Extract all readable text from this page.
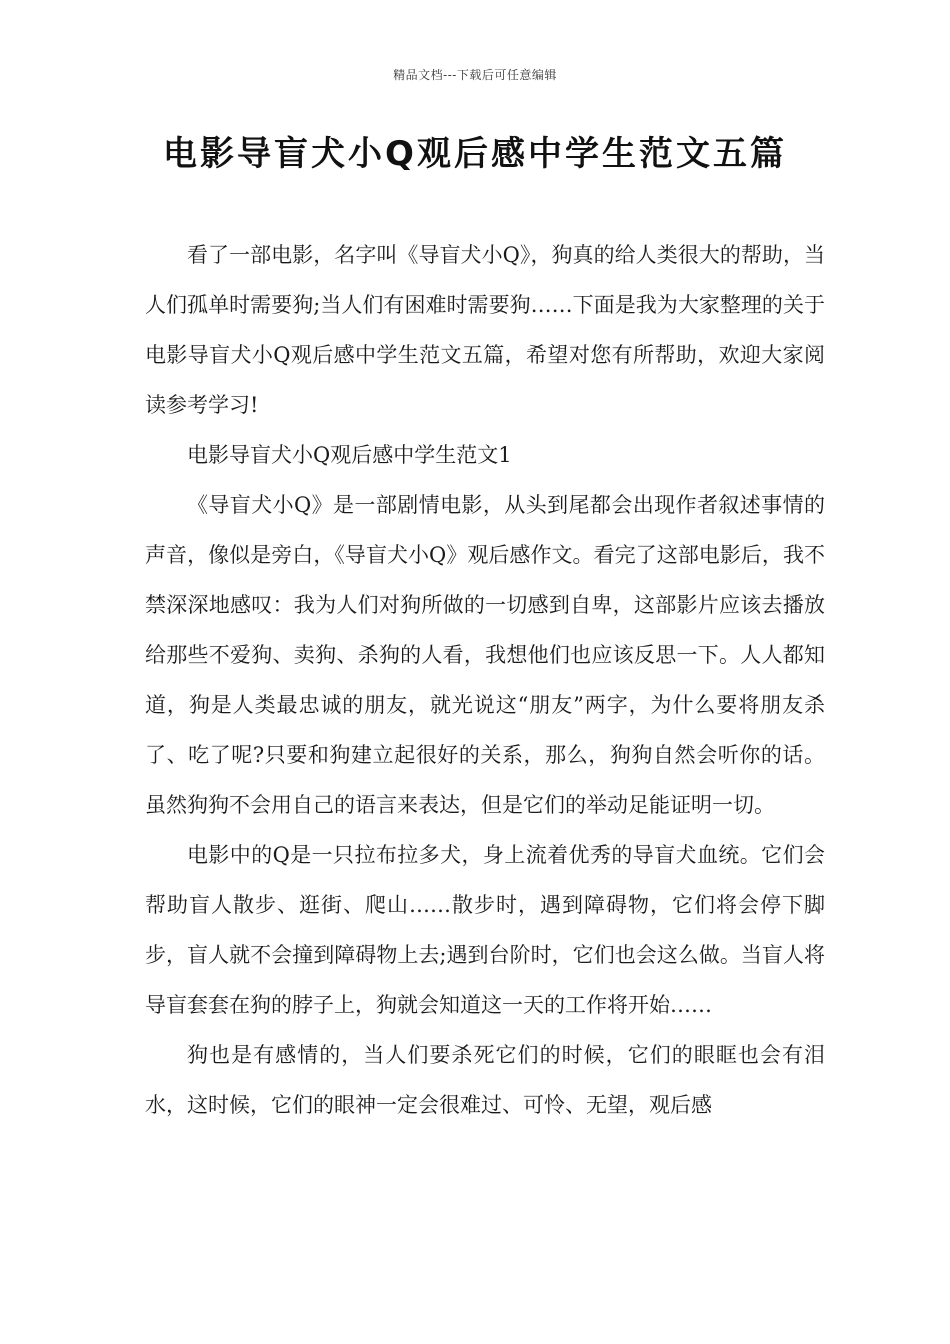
精品文档---下载后可任意编辑
电影导盲犬小Q观后感中学生范文五篇

看了一部电影，名字叫《导盲犬小Q》，狗真的给人类很大的帮助，当人们孤单时需要狗;当人们有困难时需要狗……下面是我为大家整理的关于电影导盲犬小Q观后感中学生范文五篇，希望对您有所帮助，欢迎大家阅读参考学习!

电影导盲犬小Q观后感中学生范文1

《导盲犬小Q》是一部剧情电影，从头到尾都会出现作者叙述事情的声音，像似是旁白，《导盲犬小Q》观后感作文。看完了这部电影后，我不禁深深地感叹：我为人们对狗所做的一切感到自卑，这部影片应该去播放给那些不爱狗、卖狗、杀狗的人看，我想他们也应该反思一下。人人都知道，狗是人类最忠诚的朋友，就光说这“朋友”两字，为什么要将朋友杀了、吃了呢?只要和狗建立起很好的关系，那么，狗狗自然会听你的话。虽然狗狗不会用自己的语言来表达，但是它们的举动足能证明一切。

电影中的Q是一只拉布拉多犬，身上流着优秀的导盲犬血统。它们会帮助盲人散步、逛街、爬山……散步时，遇到障碍物，它们将会停下脚步，盲人就不会撞到障碍物上去;遇到台阶时，它们也会这么做。当盲人将导盲套套在狗的脖子上，狗就会知道这一天的工作将开始……

狗也是有感情的，当人们要杀死它们的时候，它们的眼眶也会有泪水，这时候，它们的眼神一定会很难过、可怜、无望，观后感
